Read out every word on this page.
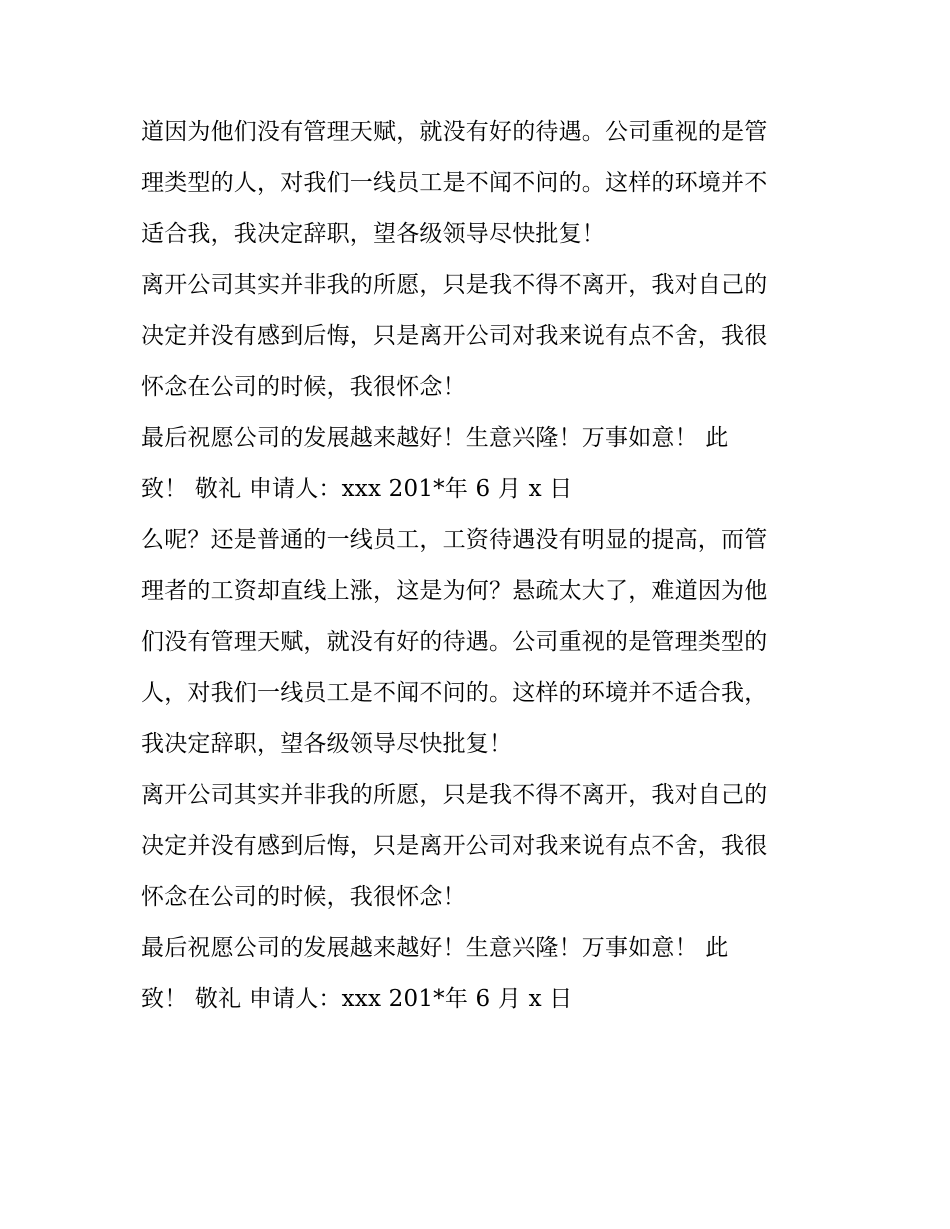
道因为他们没有管理天赋，就没有好的待遇。公司重视的是管
理类型的人，对我们一线员工是不闻不问的。这样的环境并不
适合我，我决定辞职，望各级领导尽快批复！
离开公司其实并非我的所愿，只是我不得不离开，我对自己的
决定并没有感到后悔，只是离开公司对我来说有点不舍，我很
怀念在公司的时候，我很怀念！
最后祝愿公司的发展越来越好！生意兴隆！万事如意！ 此
致！ 敬礼 申请人：xxx 201*年 6 月 x 日
么呢？还是普通的一线员工，工资待遇没有明显的提高，而管
理者的工资却直线上涨，这是为何？悬疏太大了，难道因为他
们没有管理天赋，就没有好的待遇。公司重视的是管理类型的
人，对我们一线员工是不闻不问的。这样的环境并不适合我，
我决定辞职，望各级领导尽快批复！
离开公司其实并非我的所愿，只是我不得不离开，我对自己的
决定并没有感到后悔，只是离开公司对我来说有点不舍，我很
怀念在公司的时候，我很怀念！
最后祝愿公司的发展越来越好！生意兴隆！万事如意！ 此
致！ 敬礼 申请人：xxx 201*年 6 月 x 日
